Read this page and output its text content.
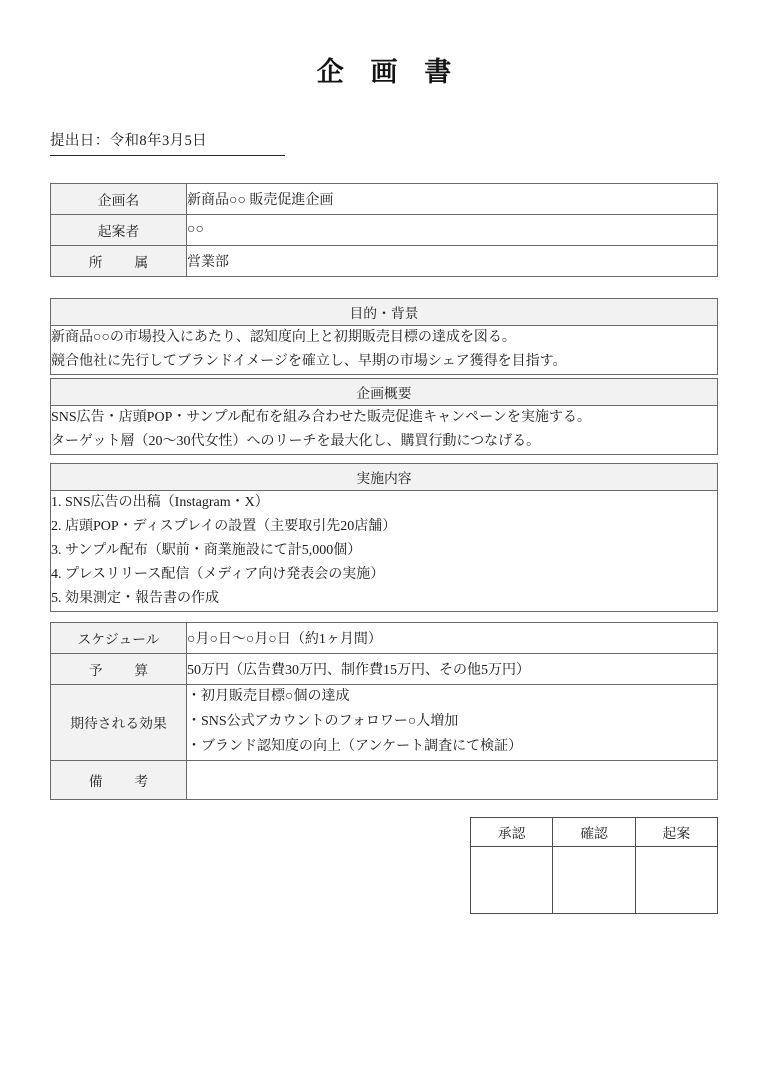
企 画 書
提出日：令和8年3月5日
企画名	新商品○○ 販売促進企画
起案者	○○
所　属	営業部
目的・背景

新商品○○の市場投入にあたり、認知度向上と初期販売目標の達成を図る。

競合他社に先行してブランドイメージを確立し、早期の市場シェア獲得を目指す。

企画概要

SNS広告・店頭POP・サンプル配布を組み合わせた販売促進キャンペーンを実施する。

ターゲット層（20〜30代女性）へのリーチを最大化し、購買行動につなげる。

実施内容

1. SNS広告の出稿（Instagram・X）
2. 店頭POP・ディスプレイの設置（主要取引先20店舗）
3. サンプル配布（駅前・商業施設にて計5,000個）
4. プレスリリース配信（メディア向け発表会の実施）
5. 効果測定・報告書の作成
スケジュール	○月○日〜○月○日（約1ヶ月間）
予　算	50万円（広告費30万円、制作費15万円、その他5万円）
期待される効果	・初月販売目標○個の達成
・SNS公式アカウントのフォロワー○人増加
・ブランド認知度の向上（アンケート調査にて検証）

備　考	
承認	確認	起案
